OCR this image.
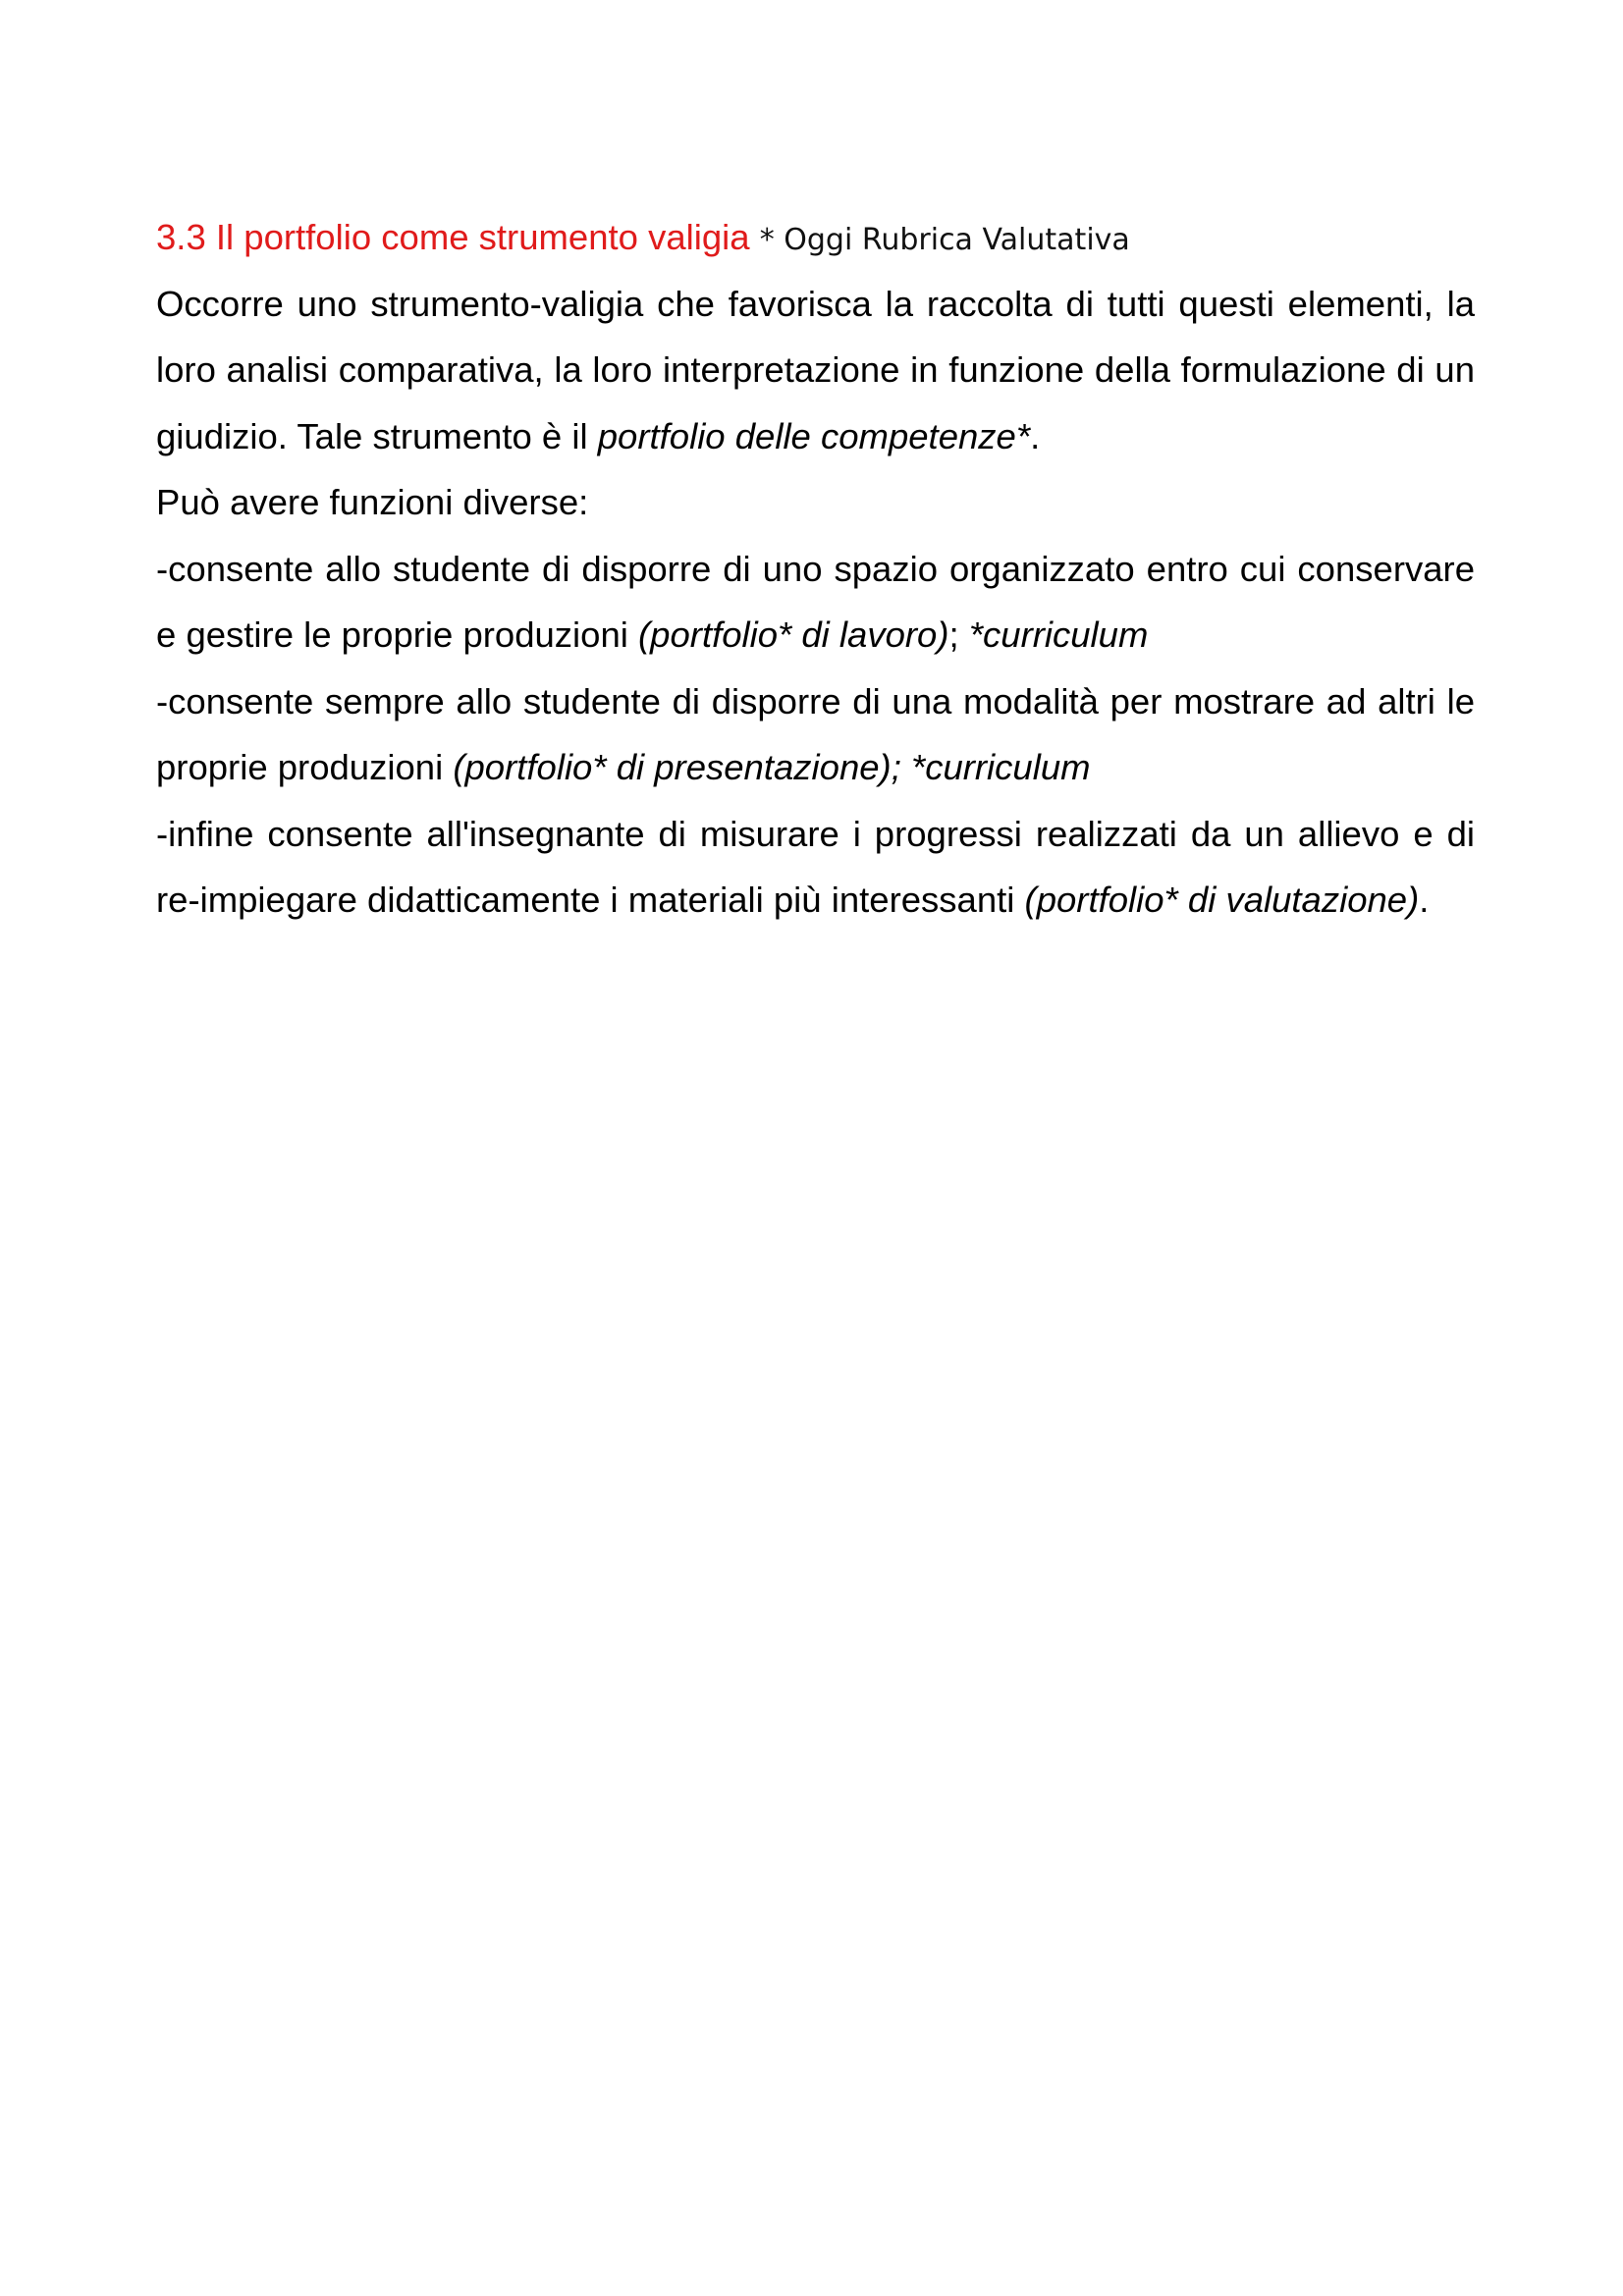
3.3 Il portfolio come strumento valigia * Oggi Rubrica Valutativa

Occorre uno strumento-valigia che favorisca la raccolta di tutti questi elementi, la loro analisi comparativa, la loro interpretazione in funzione della formulazione di un giudizio. Tale strumento è il portfolio delle competenze*.

Può avere funzioni diverse:

-consente allo studente di disporre di uno spazio organizzato entro cui conservare e gestire le proprie produzioni (portfolio* di lavoro); *curriculum

-consente sempre allo studente di disporre di una modalità per mostrare ad altri le proprie produzioni (portfolio* di presentazione); *curriculum

-infine consente all'insegnante di misurare i progressi realizzati da un allievo e di re-impiegare didatticamente i materiali più interessanti (portfolio* di valutazione).
